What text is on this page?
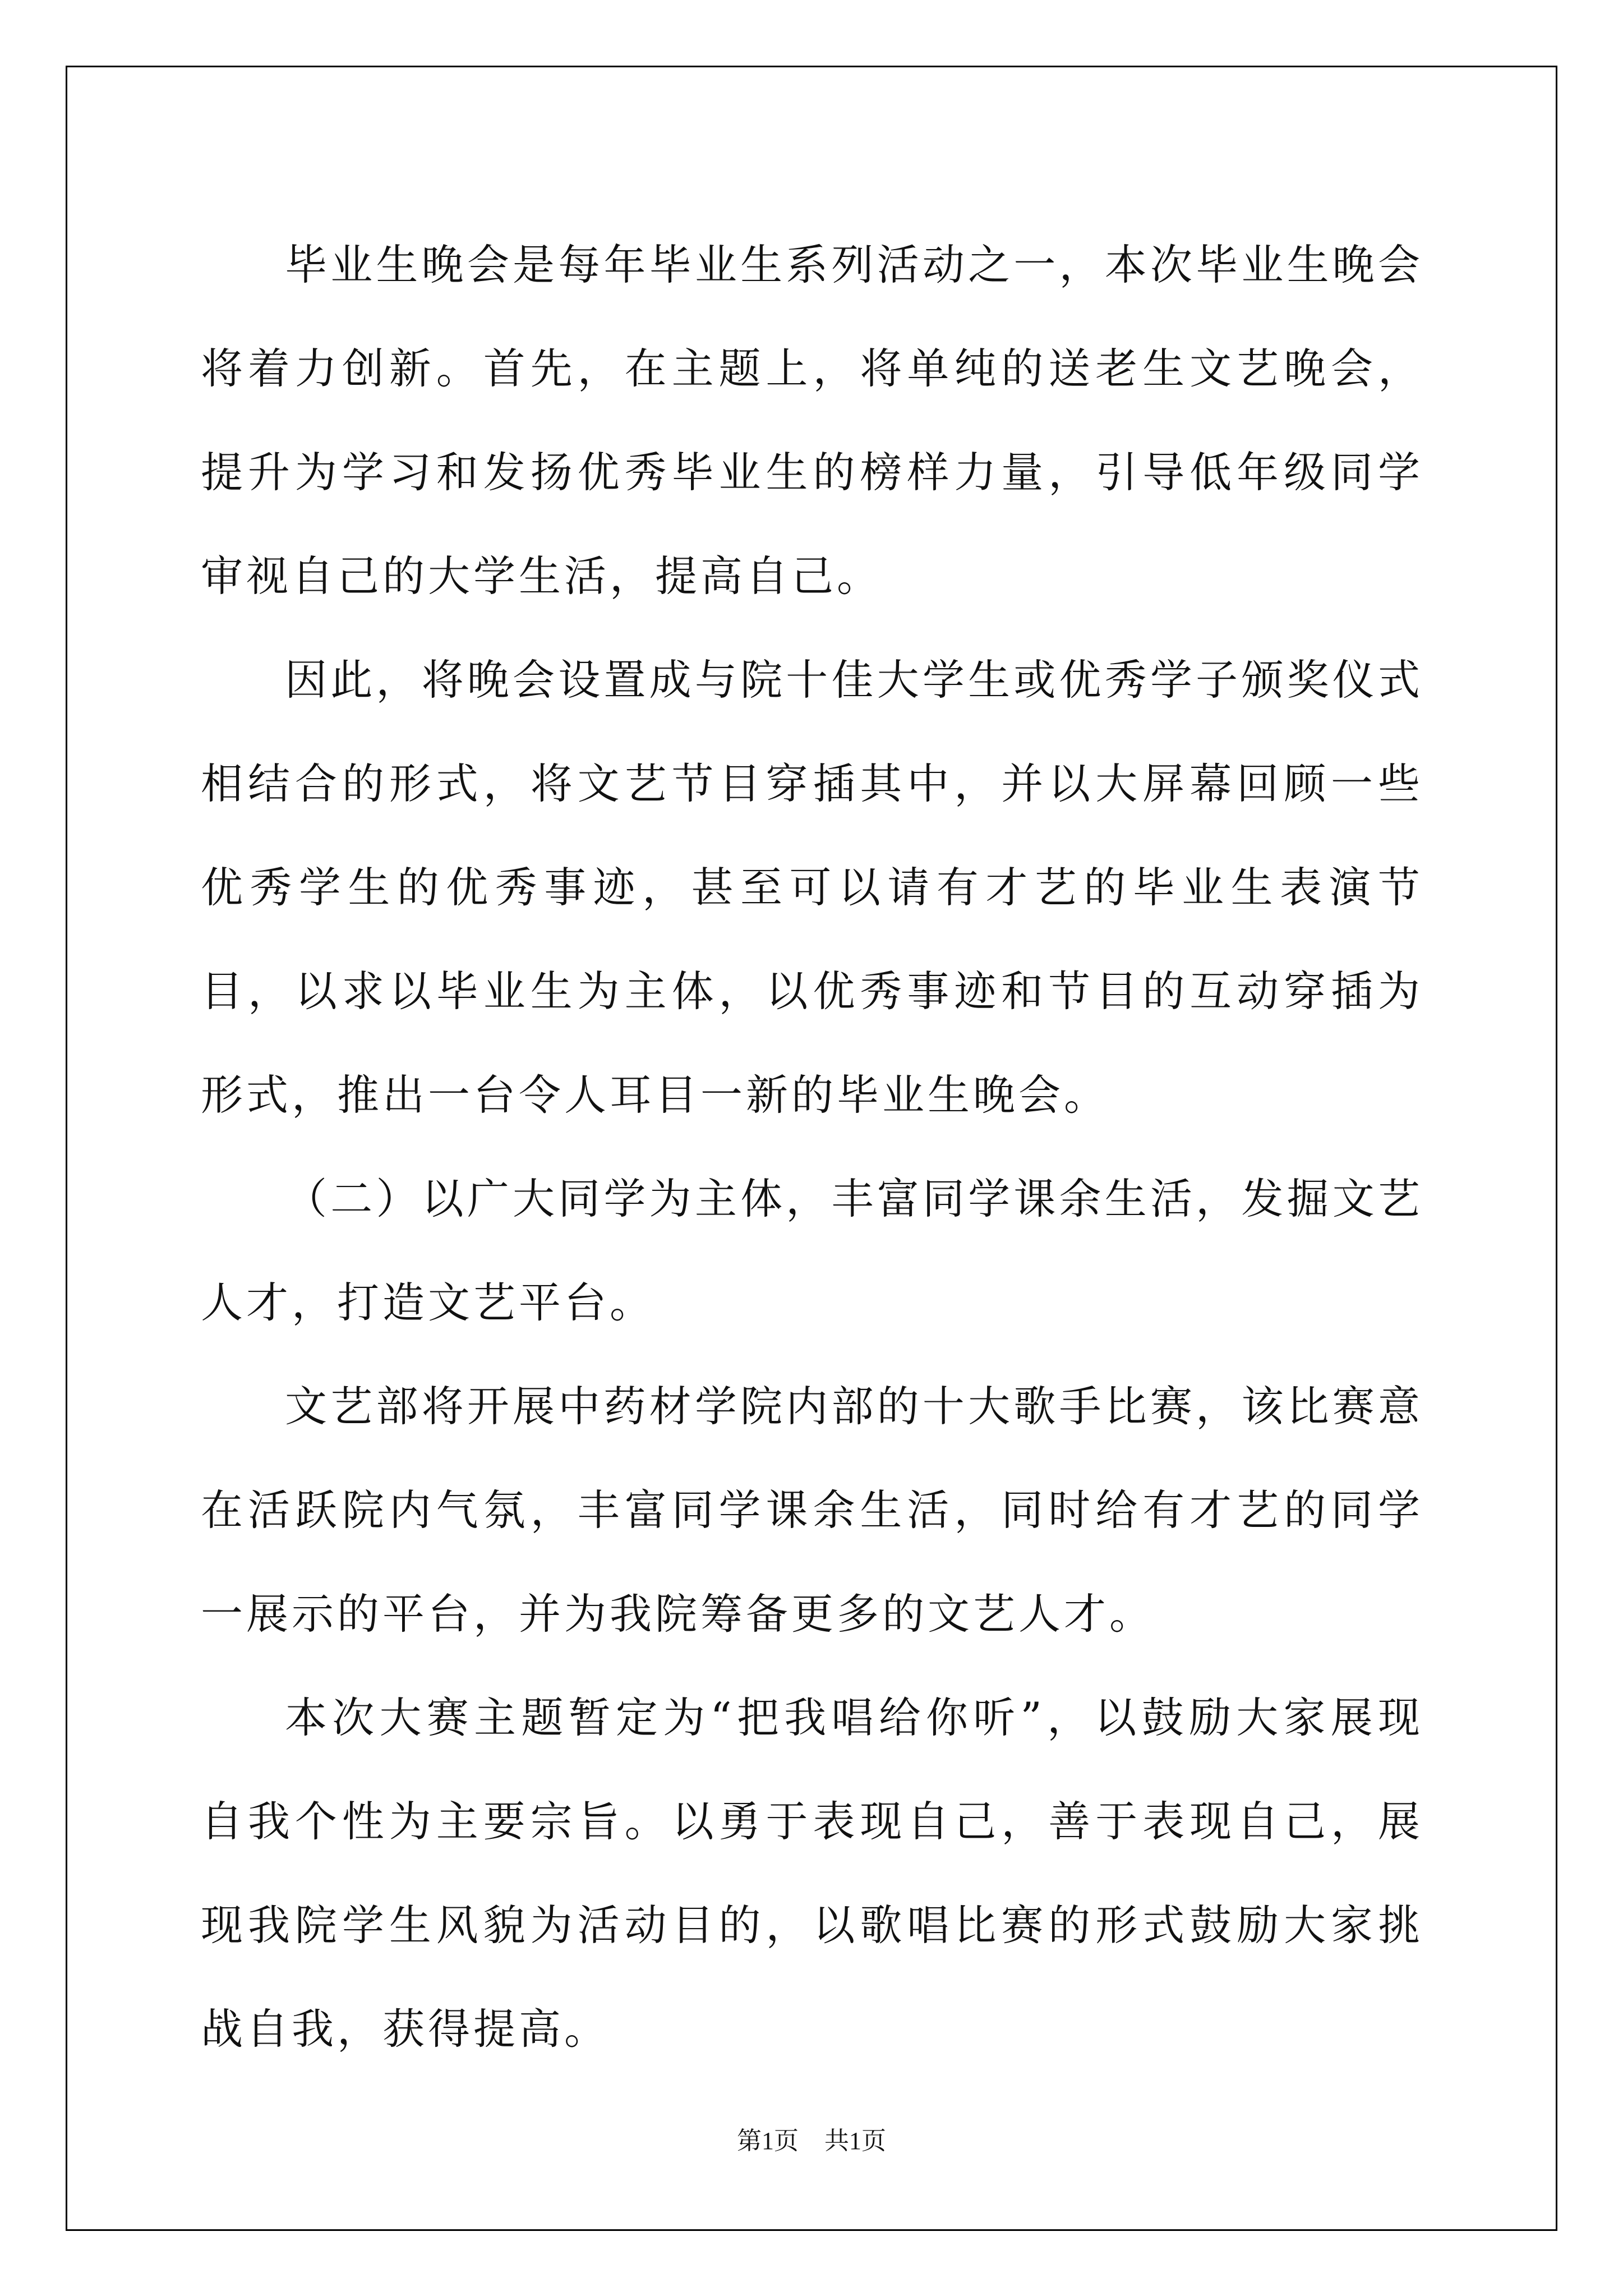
毕业生晚会是每年毕业生系列活动之一，本次毕业生晚会将着力创新。首先，在主题上，将单纯的送老生文艺晚会，提升为学习和发扬优秀毕业生的榜样力量，引导低年级同学审视自己的大学生活，提高自己。

因此，将晚会设置成与院十佳大学生或优秀学子颁奖仪式相结合的形式，将文艺节目穿插其中，并以大屏幕回顾一些优秀学生的优秀事迹，甚至可以请有才艺的毕业生表演节目，以求以毕业生为主体，以优秀事迹和节目的互动穿插为形式，推出一台令人耳目一新的毕业生晚会。

（二）以广大同学为主体，丰富同学课余生活，发掘文艺人才，打造文艺平台。

文艺部将开展中药材学院内部的十大歌手比赛，该比赛意在活跃院内气氛，丰富同学课余生活，同时给有才艺的同学一展示的平台，并为我院筹备更多的文艺人才。

本次大赛主题暂定为“把我唱给你听”，以鼓励大家展现自我个性为主要宗旨。以勇于表现自己，善于表现自己，展现我院学生风貌为活动目的，以歌唱比赛的形式鼓励大家挑战自我，获得提高。

第1页 共1页
